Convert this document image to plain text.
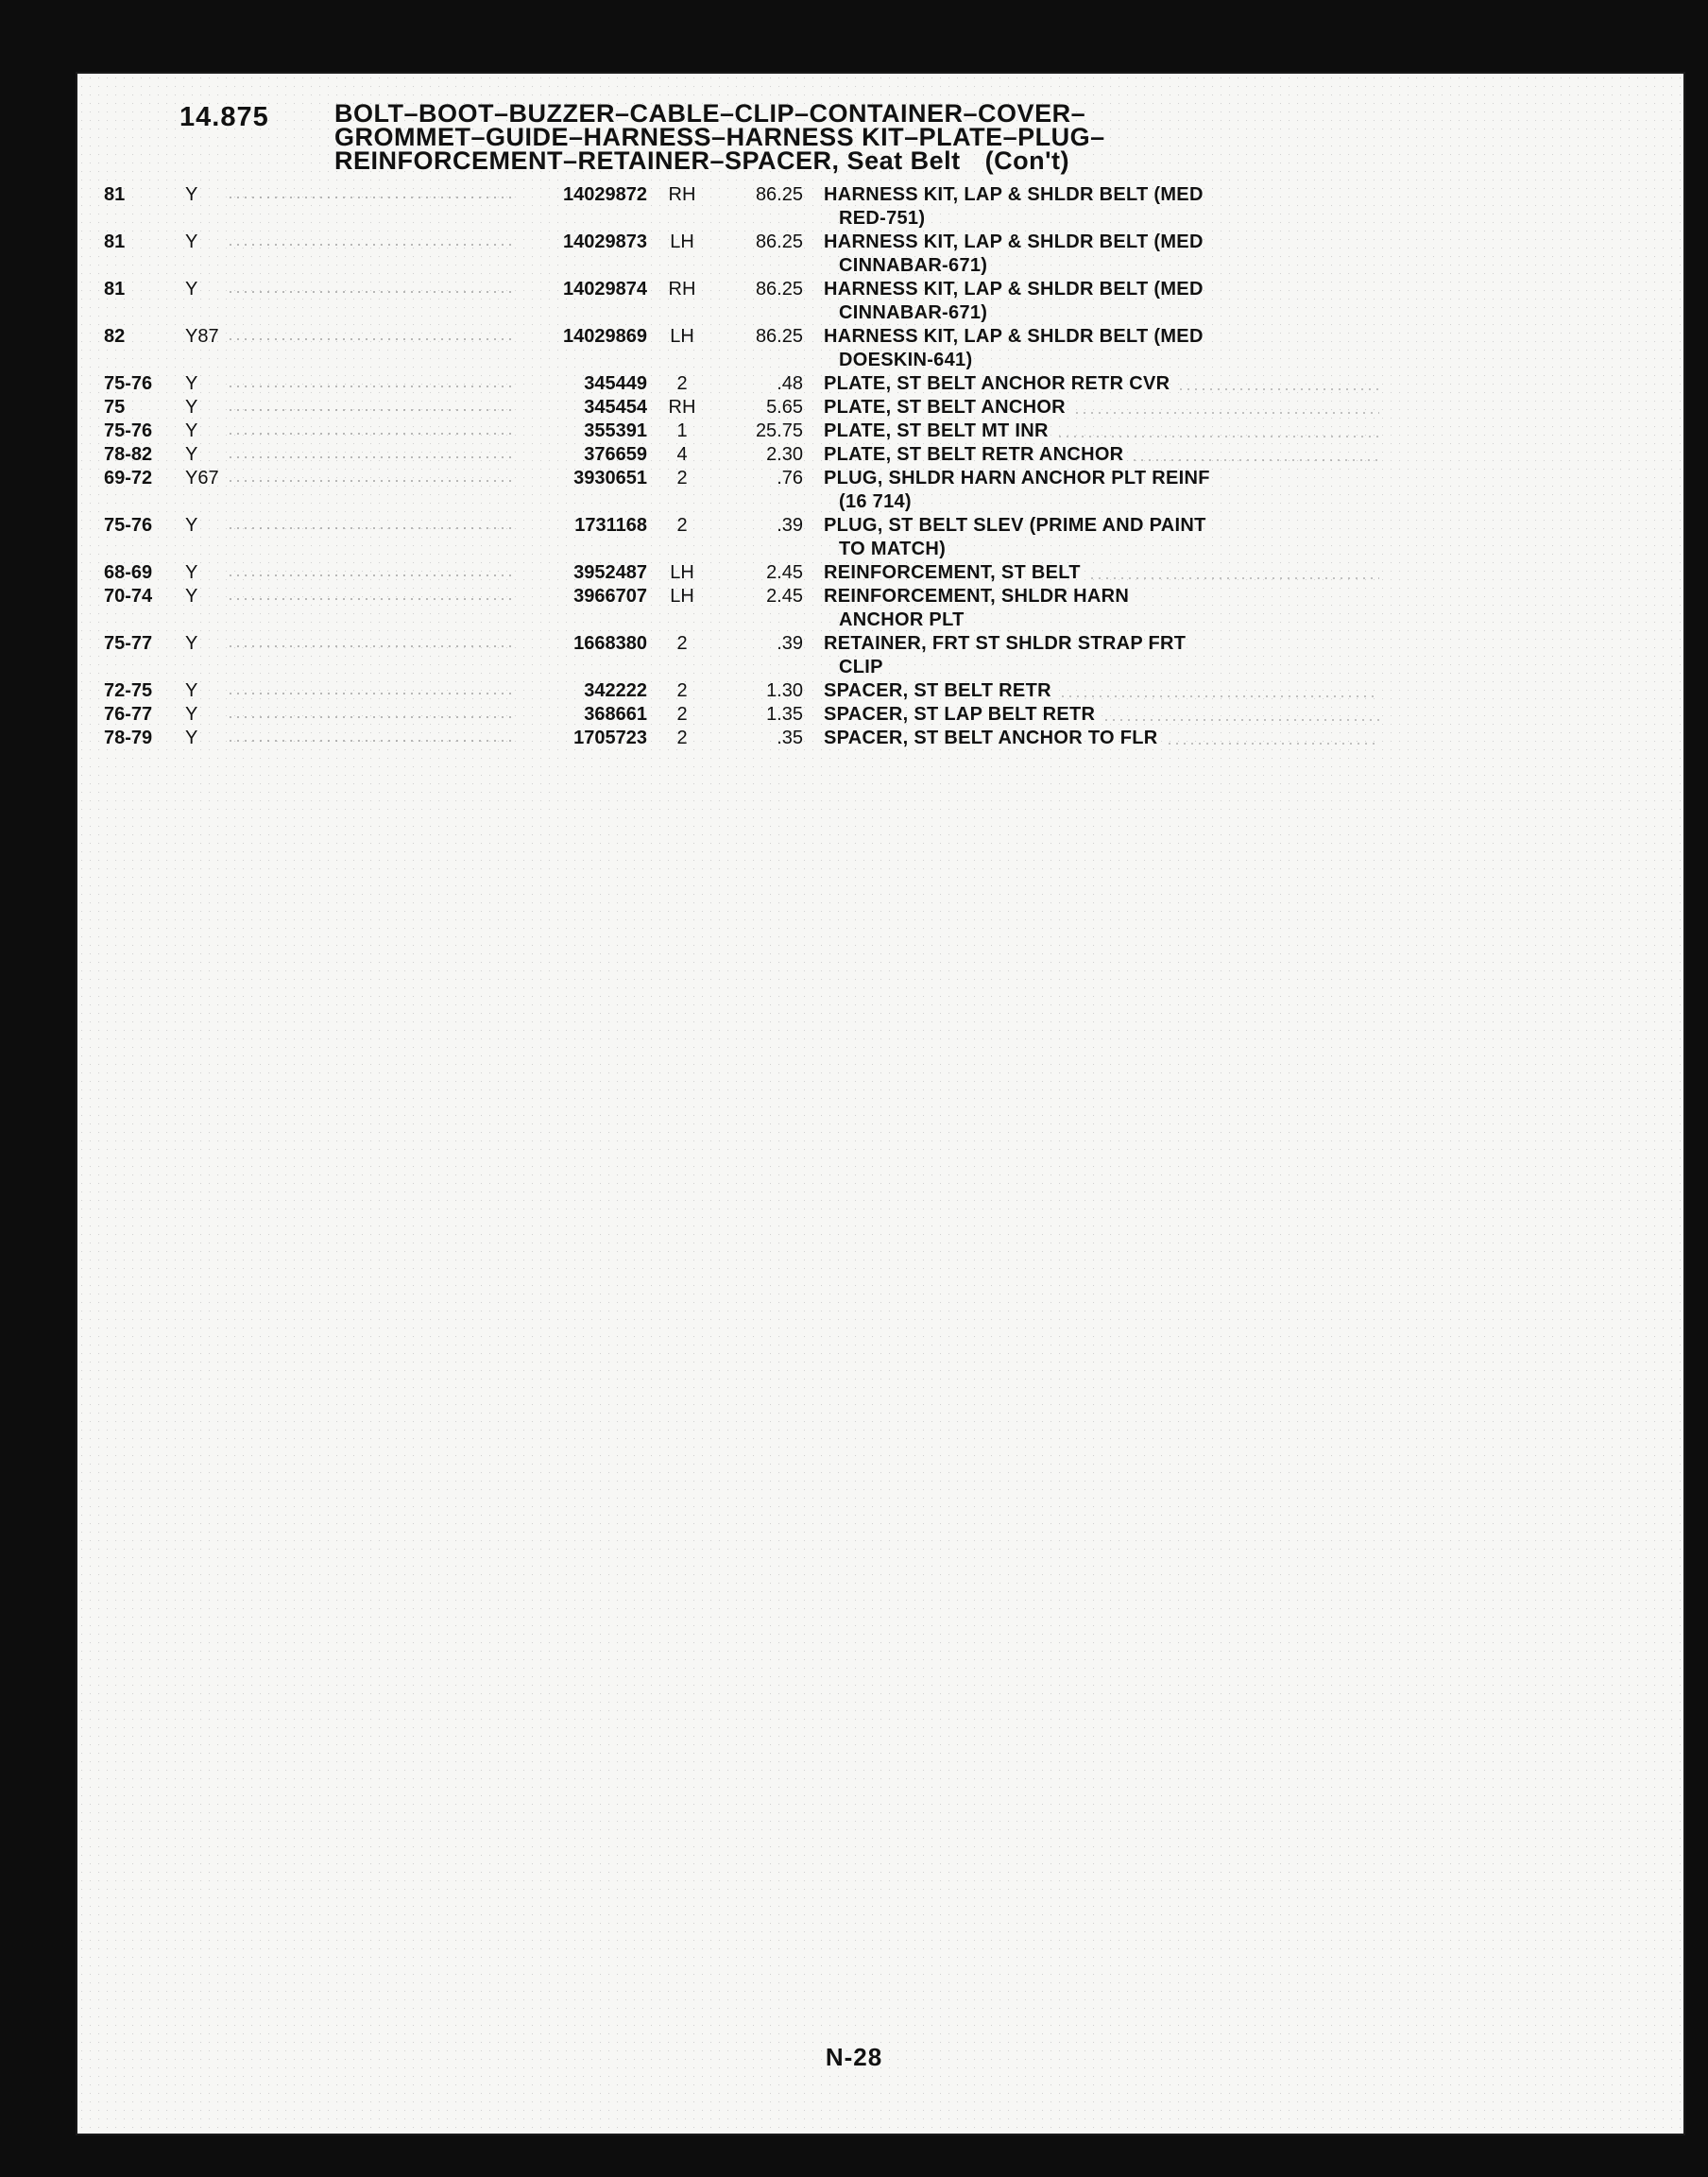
14.875	BOLT–BOOT–BUZZER–CABLE–CLIP–CONTAINER–COVER–
GROMMET–GUIDE–HARNESS–HARNESS KIT–PLATE–PLUG–
REINFORCEMENT–RETAINER–SPACER, Seat Belt (Con't)
81	Y	14029872 RH	86.25 HARNESS KIT, LAP & SHLDR BELT (MED
RED-751)
81	Y	14029873	LH	86.25 HARNESS KIT, LAP & SHLDR BELT (MED
CINNABAR-671)
81	Y	14029874 RH	86.25 HARNESS KIT, LAP & SHLDR BELT (MED
CINNABAR-671)
82	Y87	14029869	LH	86.25 HARNESS KIT, LAP & SHLDR BELT (MED
DOESKIN-641)
75-76	Y	345449	2	.48 PLATE, ST BELT ANCHOR RETR CVR
75	Y	345454 RH	5.65 PLATE, ST BELT ANCHOR
75-76	Y	355391	1	25.75 PLATE, ST BELT MT INR
78-82	Y	376659	4	2.30 PLATE, ST BELT RETR ANCHOR
69-72	Y67	3930651	2	.76 PLUG, SHLDR HARN ANCHOR PLT REINF
(16 714)
75-76	Y	1731168	2	.39 PLUG, ST BELT SLEV (PRIME AND PAINT
TO MATCH)
68-69	Y	3952487	LH	2.45 REINFORCEMENT, ST BELT
70-74	Y	3966707	LH	2.45 REINFORCEMENT, SHLDR HARN
ANCHOR PLT
75-77	Y	1668380	2	.39 RETAINER, FRT ST SHLDR STRAP FRT
CLIP
72-75	Y	342222	2	1.30 SPACER, ST BELT RETR
76-77	Y	368661	2	1.35 SPACER, ST LAP BELT RETR
78-79	Y	1705723	2	.35 SPACER, ST BELT ANCHOR TO FLR
N-28
